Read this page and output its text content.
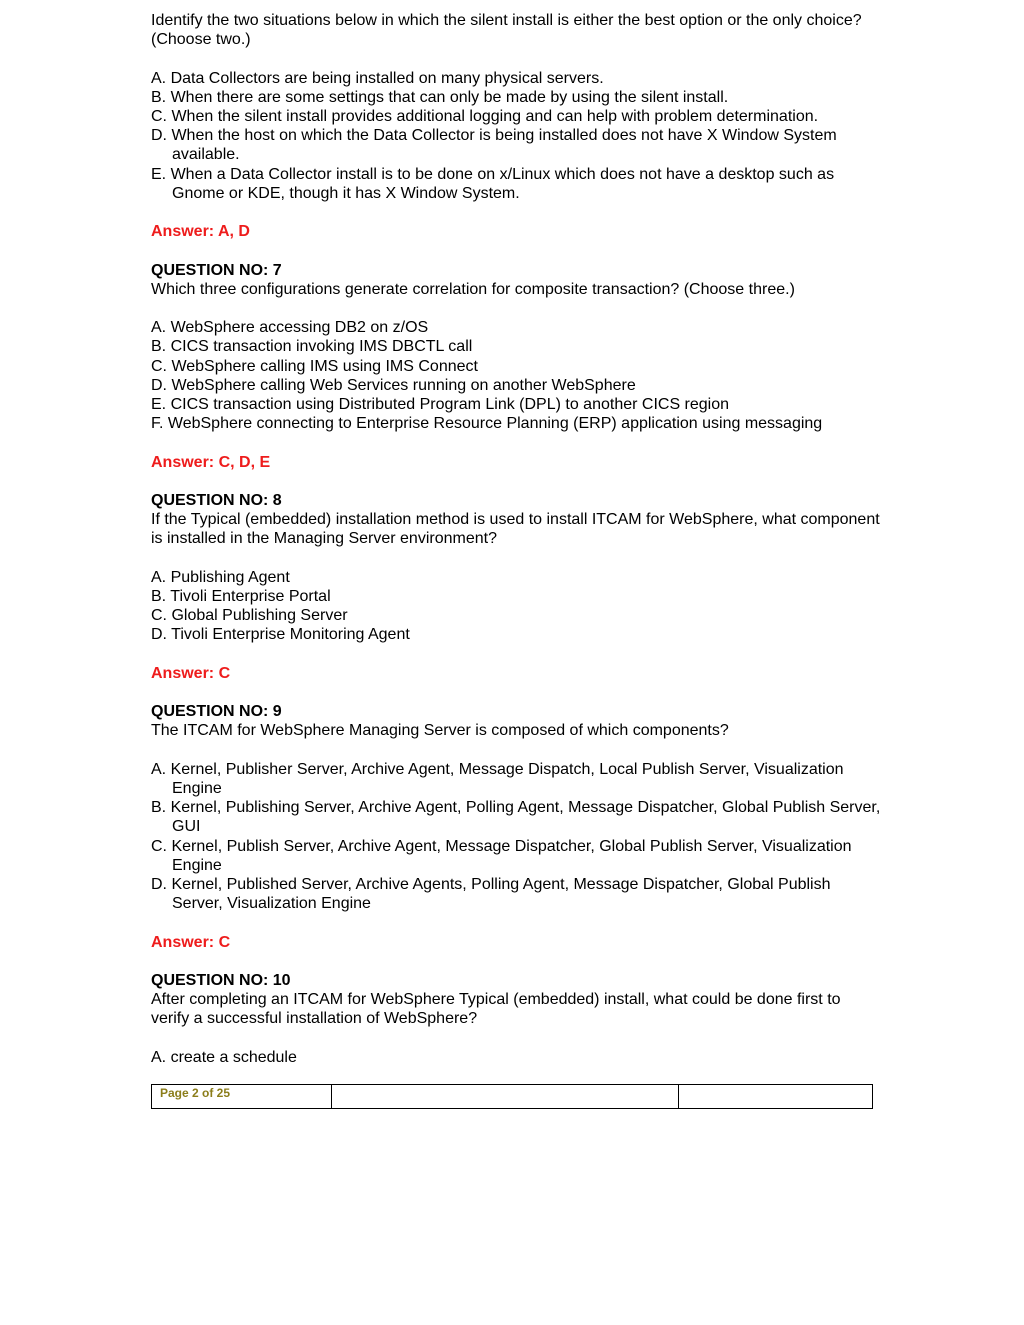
Identify the two situations below in which the silent install is either the best option or the only choice? (Choose two.)

A. Data Collectors are being installed on many physical servers.

B. When there are some settings that can only be made by using the silent install.

C. When the silent install provides additional logging and can help with problem determination.

D. When the host on which the Data Collector is being installed does not have X Window System available.

E. When a Data Collector install is to be done on x/Linux which does not have a desktop such as Gnome or KDE, though it has X Window System.

Answer: A, D

QUESTION NO: 7

Which three configurations generate correlation for composite transaction? (Choose three.)

A. WebSphere accessing DB2 on z/OS

B. CICS transaction invoking IMS DBCTL call

C. WebSphere calling IMS using IMS Connect

D. WebSphere calling Web Services running on another WebSphere

E. CICS transaction using Distributed Program Link (DPL) to another CICS region

F. WebSphere connecting to Enterprise Resource Planning (ERP) application using messaging

Answer: C, D, E

QUESTION NO: 8

If the Typical (embedded) installation method is used to install ITCAM for WebSphere, what component is installed in the Managing Server environment?

A. Publishing Agent

B. Tivoli Enterprise Portal

C. Global Publishing Server

D. Tivoli Enterprise Monitoring Agent

Answer: C

QUESTION NO: 9

The ITCAM for WebSphere Managing Server is composed of which components?

A. Kernel, Publisher Server, Archive Agent, Message Dispatch, Local Publish Server, Visualization Engine

B. Kernel, Publishing Server, Archive Agent, Polling Agent, Message Dispatcher, Global Publish Server, GUI

C. Kernel, Publish Server, Archive Agent, Message Dispatcher, Global Publish Server, Visualization Engine

D. Kernel, Published Server, Archive Agents, Polling Agent, Message Dispatcher, Global Publish Server, Visualization Engine

Answer: C

QUESTION NO: 10

After completing an ITCAM for WebSphere Typical (embedded) install, what could be done first to verify a successful installation of WebSphere?

A. create a schedule

Page 2 of 25
